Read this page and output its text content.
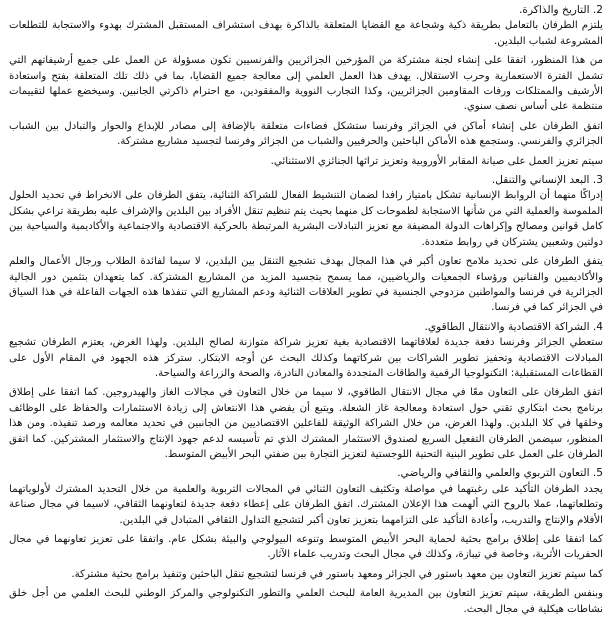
2. التاريخ والذاكرة.

يلتزم الطرفان بالتعامل بطريقة ذكية وشجاعة مع القضايا المتعلقة بالذاكرة بهدف استشراف المستقبل المشترك بهدوء والاستجابة للتطلعات المشروعة لشباب البلدين.

من هذا المنظور، اتفقا على إنشاء لجنة مشتركة من المؤرخين الجزائريين والفرنسيين تكون مسؤولة عن العمل على جميع أرشيفاتهم التي تشمل الفترة الاستعمارية وحرب الاستقلال. يهدف هذا العمل العلمي إلى معالجة جميع القضايا، بما في ذلك تلك المتعلقة بفتح واستعادة الأرشيف والممتلكات ورفات المقاومين الجزائريين، وكذا التجارب النووية والمفقودين، مع احترام ذاكرتي الجانبين. وسيخضع عملها لتقييمات منتظمة على أساس نصف سنوي.

اتفق الطرفان على إنشاء أماكن في الجزائر وفرنسا ستشكل فضاءات متعلقة بالإضافة إلى مصادر للإبداع والحوار والتبادل بين الشباب الجزائري والفرنسي. وستجمع هذه الأماكن الباحثين والحرفيين والشباب من الجزائر وفرنسا لتجسيد مشاريع مشتركة.

سيتم تعزيز العمل على صيانة المقابر الأوروبية وتعزيز تراثها الجنائزي الاستثنائي.

3. البعد الإنساني والتنقل.

إدراكًا منهما أن الروابط الإنسانية تشكل بامتياز رافدا لضمان التنشيط الفعال للشراكة الثنائية، يتفق الطرفان على الانخراط في تحديد الحلول الملموسة والعملية التي من شأنها الاستجابة لطموحات كل منهما بحيث يتم تنظيم تنقل الأفراد بين البلدين والإشراف عليه بطريقة تراعي بشكل كامل قوانين ومصالح وإكراهات الدولة المضيفة مع تعزيز التبادلات البشرية المرتبطة بالحركية الاقتصادية والاجتماعية والأكاديمية والسياحية بين دولتين وشعبين يشتركان في روابط متعددة.

يتفق الطرفان على تحديد ملامح تعاون أكبر في هذا المجال بهدف تشجيع التنقل بين البلدين، لا سيما لفائدة الطلاب ورجال الأعمال والعلم والأكاديميين والفنانين ورؤساء الجمعيات والرياضيين، مما يسمح بتجسيد المزيد من المشاريع المشتركة. كما يتعهدان بتثمين دور الجالية الجزائرية في فرنسا والمواطنين مزدوجي الجنسية في تطوير العلاقات الثنائية ودعم المشاريع التي تنفذها هذه الجهات الفاعلة في هذا السياق في الجزائر كما في فرنسا.

4. الشراكة الاقتصادية والانتقال الطاقوي.

ستعطي الجزائر وفرنسا دفعة جديدة لعلاقاتهما الاقتصادية بغية تعزيز شراكة متوازنة لصالح البلدين. ولهذا الغرض، يعتزم الطرفان تشجيع المبادلات الاقتصادية وتحفيز تطوير الشراكات بين شركاتهما وكذلك البحث عن أوجه الابتكار. ستركز هذه الجهود في المقام الأول على القطاعات المستقبلية: التكنولوجيا الرقمية والطاقات المتجددة والمعادن النادرة، والصحة والزراعة والسياحة.

اتفق الطرفان على التعاون معًا في مجال الانتقال الطاقوي، لا سيما من خلال التعاون في مجالات الغاز والهيدروجين. كما اتفقا على إطلاق برنامج بحث ابتكاري تقني حول استعادة ومعالجة غاز الشعلة. ويتبع أن يفضي هذا الانتعاش إلى زيادة الاستثمارات والحفاظ على الوظائف وخلقها في كلا البلدين. ولهذا الغرض، من خلال الشراكة الوثيقة للفاعلين الاقتصاديين من الجانبين في تحديد معالمه ورصد تنفيذه. ومن هذا المنظور، سيضمن الطرفان التفعيل السريع لصندوق الاستثمار المشترك الذي تم تأسيسه لدعم جهود الإنتاج والاستثمار المشتركين. كما اتفق الطرفان على العمل على تطوير البنية التحتية اللوجستية لتعزيز التجارة بين ضفتي البحر الأبيض المتوسط.

5. التعاون التربوي والعلمي والثقافي والرياضي.

يجدد الطرفان التأكيد على رغبتهما في مواصلة وتكثيف التعاون الثنائي في المجالات التربوية والعلمية من خلال التحديد المشترك لأولوياتهما وتطلعاتهما، عملا بالروح التي ألهمت هذا الإعلان المشترك. اتفق الطرفان على إعطاء دفعة جديدة لتعاونهما الثقافي، لاسيما في مجال صناعة الأفلام والإنتاج والتدريب، وأعادة التأكيد على التزامهما بتعزيز تعاون أكبر لتشجيع التداول الثقافي المتبادل في البلدين.

كما اتفقا على إطلاق برامج بحثية لحماية البحر الأبيض المتوسط وتنوعه البيولوجي والبيئة بشكل عام. واتفقا على تعزيز تعاونهما في مجال الحفريات الأثرية، وخاصة في تيبازة، وكذلك في مجال البحث وتدريب علماء الآثار.

كما سيتم تعزيز التعاون بين معهد باستور في الجزائر ومعهد باستور في فرنسا لتشجيع تنقل الباحثين وتنفيذ برامج بحثية مشتركة.

وبنفس الطريقة، سيتم تعزيز التعاون بين المديرية العامة للبحث العلمي والتطور التكنولوجي والمركز الوطني للبحث العلمي من أجل خلق نشاطات هيكلية في مجال البحث.
